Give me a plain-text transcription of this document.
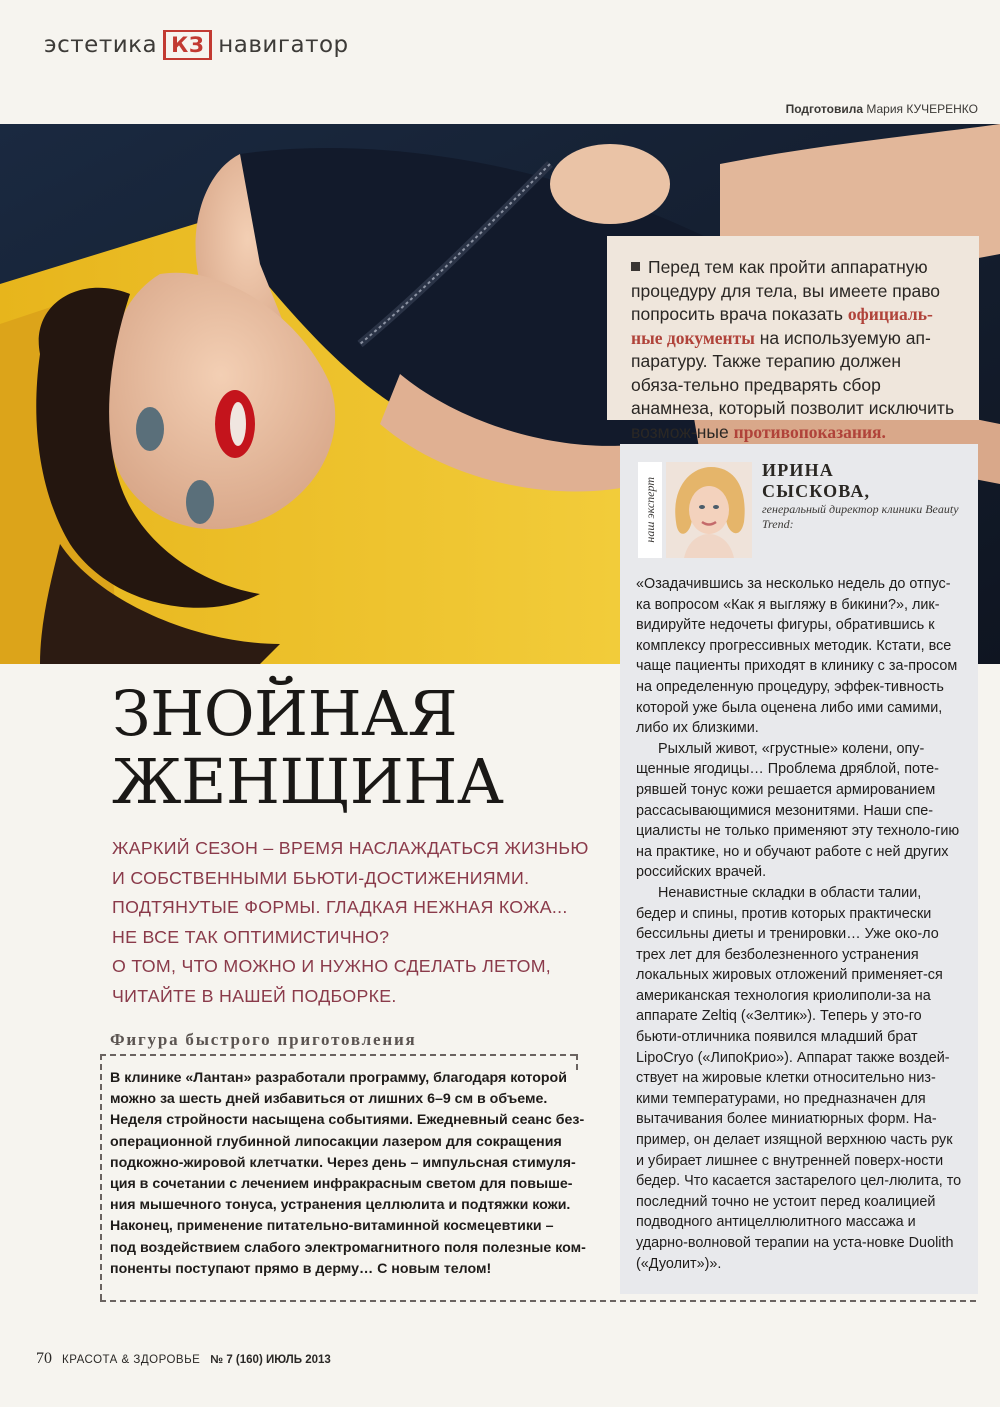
эстетика КЗ навигатор
Подготовила Мария КУЧЕРЕНКО
Перед тем как пройти аппаратную процедуру для тела, вы имеете право попросить врача показать официаль-ные документы на используемую ап-паратуру. Также терапию должен обяза-тельно предварять сбор анамнеза, который позволит исключить возмож-ные противопоказания.
наш эксперт
ИРИНА
СЫСКОВА,
генеральный директор клиники Beauty Trend:

«Озадачившись за несколько недель до отпус-ка вопросом «Как я выгляжу в бикини?», лик-видируйте недочеты фигуры, обратившись к комплексу прогрессивных методик. Кстати, все чаще пациенты приходят в клинику с за-просом на определенную процедуру, эффек-тивность которой уже была оценена либо ими самими, либо их близкими.

Рыхлый живот, «грустные» колени, опу-щенные ягодицы… Проблема дряблой, поте-рявшей тонус кожи решается армированием рассасывающимися мезонитями. Наши спе-циалисты не только применяют эту техноло-гию на практике, но и обучают работе с ней других российских врачей.

Ненавистные складки в области талии, бедер и спины, против которых практически бессильны диеты и тренировки… Уже око-ло трех лет для безболезненного устранения локальных жировых отложений применяет-ся американская технология криолипoли-за на аппарате Zeltiq («Зелтик»). Теперь у это-го бьюти-отличника появился младший брат LipoCryo («ЛипоКрио»). Аппарат также воздей-ствует на жировые клетки относительно низ-кими температурами, но предназначен для вытачивания более миниатюрных форм. На-пример, он делает изящной верхнюю часть рук и убирает лишнее с внутренней поверх-ности бедер. Что касается застарелого цел-люлита, то последний точно не устоит перед коалицией подводного антицеллюлитного массажа и ударно-волновой терапии на уста-новке Duolith («Дуолит»)».

ЗНОЙНАЯ
ЖЕНЩИНА
ЖАРКИЙ СЕЗОН – ВРЕМЯ НАСЛАЖДАТЬСЯ ЖИЗНЬЮ
И СОБСТВЕННЫМИ БЬЮТИ-ДОСТИЖЕНИЯМИ.
ПОДТЯНУТЫЕ ФОРМЫ. ГЛАДКАЯ НЕЖНАЯ КОЖА...
НЕ ВСЕ ТАК ОПТИМИСТИЧНО?
О ТОМ, ЧТО МОЖНО И НУЖНО СДЕЛАТЬ ЛЕТОМ,
ЧИТАЙТЕ В НАШЕЙ ПОДБОРКЕ.
Фигура быстрого приготовления
В клинике «Лантан» разработали программу, благодаря которой
можно за шесть дней избавиться от лишних 6–9 см в объеме.
Неделя стройности насыщена событиями. Ежедневный сеанс без-
операционной глубинной липосакции лазером для сокращения
подкожно-жировой клетчатки. Через день – импульсная стимуля-
ция в сочетании с лечением инфракрасным светом для повыше-
ния мышечного тонуса, устранения целлюлита и подтяжки кожи.
Наконец, применение питательно-витаминной космецевтики –
под воздействием слабого электромагнитного поля полезные ком-
поненты поступают прямо в дерму… С новым телом!
70 КРАСОТА & ЗДОРОВЬЕ № 7 (160) ИЮЛЬ 2013
